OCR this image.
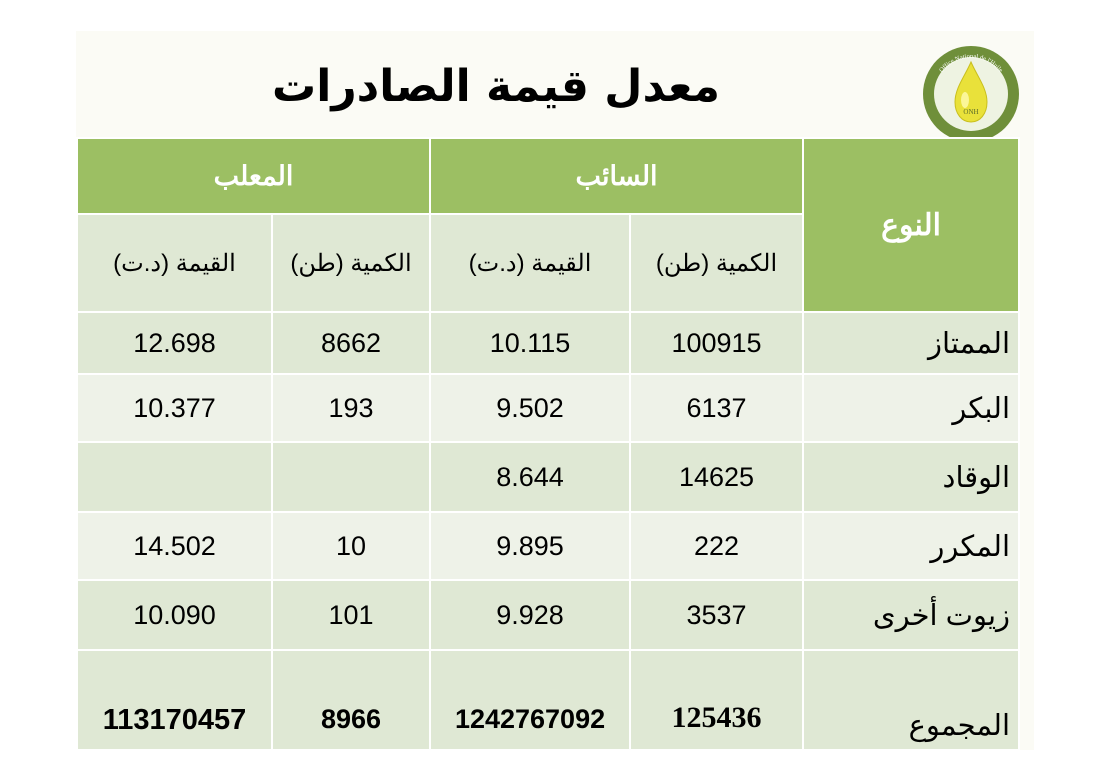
معدل قيمة الصادرات	ONH
Office National de l'Huile
النوع	السائب		المعلب	
	الكمية (طن)	القيمة (د.ت)	الكمية (طن)	القيمة (د.ت)
الممتاز	100915	10.115	8662	12.698
البكر	6137	9.502	193	10.377
الوقاد	14625	8.644		
المكرر	222	9.895	10	14.502
زيوت أخرى	3537	9.928	101	10.090
المجموع	125436	1242767092	8966	113170457
